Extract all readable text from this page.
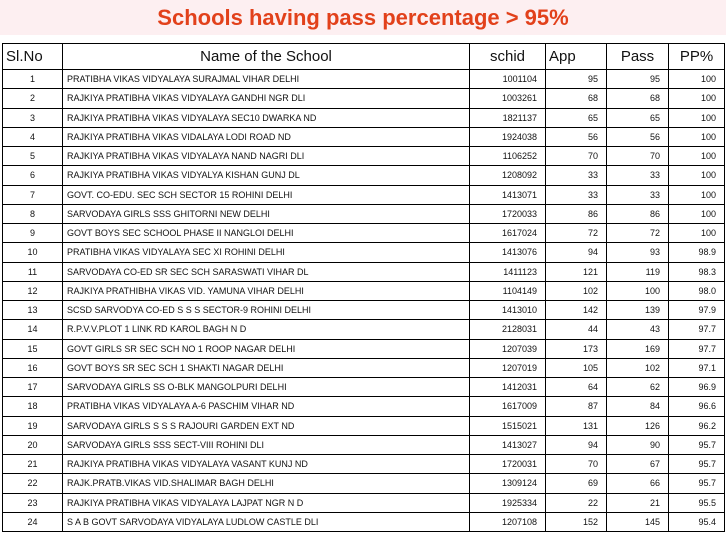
Schools having pass percentage > 95%
Sl.No	Name of the School	schid	App	Pass	PP%
1	PRATIBHA VIKAS VIDYALAYA SURAJMAL VIHAR DELHI	1001104	95	95	100
2	RAJKIYA PRATIBHA VIKAS VIDYALAYA GANDHI NGR DLI	1003261	68	68	100
3	RAJKIYA PRATIBHA VIKAS VIDYALAYA SEC10 DWARKA ND	1821137	65	65	100
4	RAJKIYA PRATIBHA VIKAS VIDALAYA LODI ROAD ND	1924038	56	56	100
5	RAJKIYA PRATIBHA VIKAS VIDYALAYA NAND NAGRI DLI	1106252	70	70	100
6	RAJKIYA PRATIBHA VIKAS VIDYALYA KISHAN GUNJ DL	1208092	33	33	100
7	GOVT. CO-EDU. SEC SCH SECTOR 15 ROHINI DELHI	1413071	33	33	100
8	SARVODAYA GIRLS SSS GHITORNI NEW DELHI	1720033	86	86	100
9	GOVT BOYS SEC SCHOOL PHASE II NANGLOI DELHI	1617024	72	72	100
10	PRATIBHA VIKAS VIDYALAYA SEC XI ROHINI DELHI	1413076	94	93	98.9
11	SARVODAYA CO-ED SR SEC SCH SARASWATI VIHAR DL	1411123	121	119	98.3
12	RAJKIYA PRATHIBHA VIKAS VID. YAMUNA VIHAR DELHI	1104149	102	100	98.0
13	SCSD SARVODYA CO-ED S S S SECTOR-9 ROHINI DELHI	1413010	142	139	97.9
14	R.P.V.V.PLOT 1 LINK RD KAROL BAGH N D	2128031	44	43	97.7
15	GOVT GIRLS SR SEC SCH NO 1 ROOP NAGAR DELHI	1207039	173	169	97.7
16	GOVT BOYS SR SEC SCH 1 SHAKTI NAGAR DELHI	1207019	105	102	97.1
17	SARVODAYA GIRLS SS O-BLK MANGOLPURI DELHI	1412031	64	62	96.9
18	PRATIBHA VIKAS VIDYALAYA A-6 PASCHIM VIHAR ND	1617009	87	84	96.6
19	SARVODAYA GIRLS S S S RAJOURI GARDEN EXT ND	1515021	131	126	96.2
20	SARVODAYA GIRLS SSS SECT-VIII ROHINI DLI	1413027	94	90	95.7
21	RAJKIYA PRATIBHA VIKAS VIDYALAYA VASANT KUNJ ND	1720031	70	67	95.7
22	RAJK.PRATB.VIKAS VID.SHALIMAR BAGH DELHI	1309124	69	66	95.7
23	RAJKIYA PRATIBHA VIKAS VIDYALAYA LAJPAT NGR N D	1925334	22	21	95.5
24	S A B GOVT SARVODAYA VIDYALAYA LUDLOW CASTLE DLI	1207108	152	145	95.4
